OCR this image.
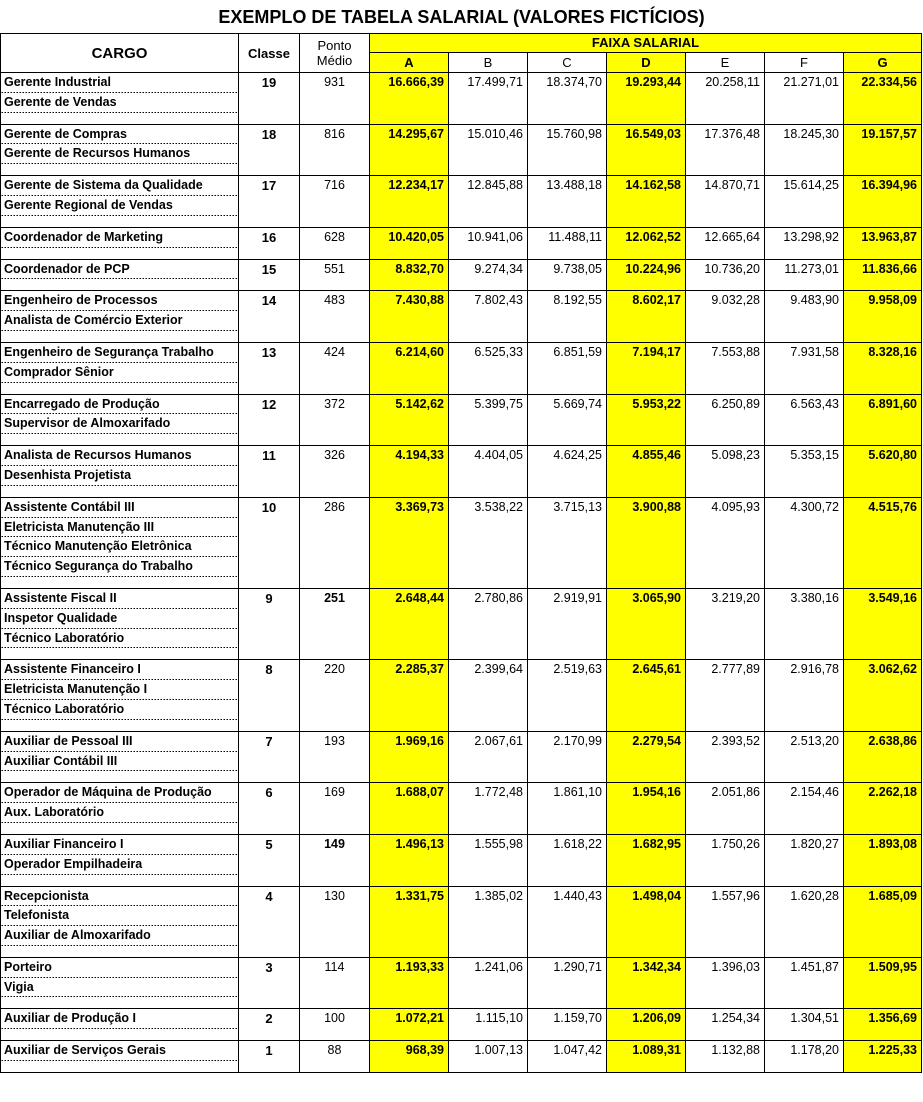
EXEMPLO DE TABELA SALARIAL (VALORES FICTÍCIOS)
CARGO	Classe	Ponto Médio	FAIXA SALARIAL						
			A	B	C	D	E	F	G
Gerente Industrial	19	931	16.666,39	17.499,71	18.374,70	19.293,44	20.258,11	21.271,01	22.334,56
Gerente de Vendas									

Gerente de Compras	18	816	14.295,67	15.010,46	15.760,98	16.549,03	17.376,48	18.245,30	19.157,57
Gerente de Recursos Humanos									

Gerente de Sistema da Qualidade	17	716	12.234,17	12.845,88	13.488,18	14.162,58	14.870,71	15.614,25	16.394,96
Gerente Regional de Vendas									

Coordenador de Marketing	16	628	10.420,05	10.941,06	11.488,11	12.062,52	12.665,64	13.298,92	13.963,87

Coordenador de PCP	15	551	8.832,70	9.274,34	9.738,05	10.224,96	10.736,20	11.273,01	11.836,66

Engenheiro de Processos	14	483	7.430,88	7.802,43	8.192,55	8.602,17	9.032,28	9.483,90	9.958,09
Analista de Comércio Exterior									

Engenheiro de Segurança Trabalho	13	424	6.214,60	6.525,33	6.851,59	7.194,17	7.553,88	7.931,58	8.328,16
Comprador Sênior									

Encarregado de Produção	12	372	5.142,62	5.399,75	5.669,74	5.953,22	6.250,89	6.563,43	6.891,60
Supervisor de Almoxarifado									

Analista de Recursos Humanos	11	326	4.194,33	4.404,05	4.624,25	4.855,46	5.098,23	5.353,15	5.620,80
Desenhista Projetista									

Assistente Contábil III	10	286	3.369,73	3.538,22	3.715,13	3.900,88	4.095,93	4.300,72	4.515,76
Eletricista Manutenção III									
Técnico Manutenção Eletrônica									
Técnico Segurança do Trabalho									

Assistente Fiscal II	9	251	2.648,44	2.780,86	2.919,91	3.065,90	3.219,20	3.380,16	3.549,16
Inspetor Qualidade									
Técnico Laboratório									

Assistente Financeiro I	8	220	2.285,37	2.399,64	2.519,63	2.645,61	2.777,89	2.916,78	3.062,62
Eletricista Manutenção I									
Técnico Laboratório									

Auxiliar de Pessoal III	7	193	1.969,16	2.067,61	2.170,99	2.279,54	2.393,52	2.513,20	2.638,86
Auxiliar Contábil III									

Operador de Máquina de Produção	6	169	1.688,07	1.772,48	1.861,10	1.954,16	2.051,86	2.154,46	2.262,18
Aux. Laboratório									

Auxiliar Financeiro I	5	149	1.496,13	1.555,98	1.618,22	1.682,95	1.750,26	1.820,27	1.893,08
Operador Empilhadeira									

Recepcionista	4	130	1.331,75	1.385,02	1.440,43	1.498,04	1.557,96	1.620,28	1.685,09
Telefonista									
Auxiliar de Almoxarifado									

Porteiro	3	114	1.193,33	1.241,06	1.290,71	1.342,34	1.396,03	1.451,87	1.509,95
Vigia									

Auxiliar de Produção I	2	100	1.072,21	1.115,10	1.159,70	1.206,09	1.254,34	1.304,51	1.356,69

Auxiliar de Serviços Gerais	1	88	968,39	1.007,13	1.047,42	1.089,31	1.132,88	1.178,20	1.225,33
